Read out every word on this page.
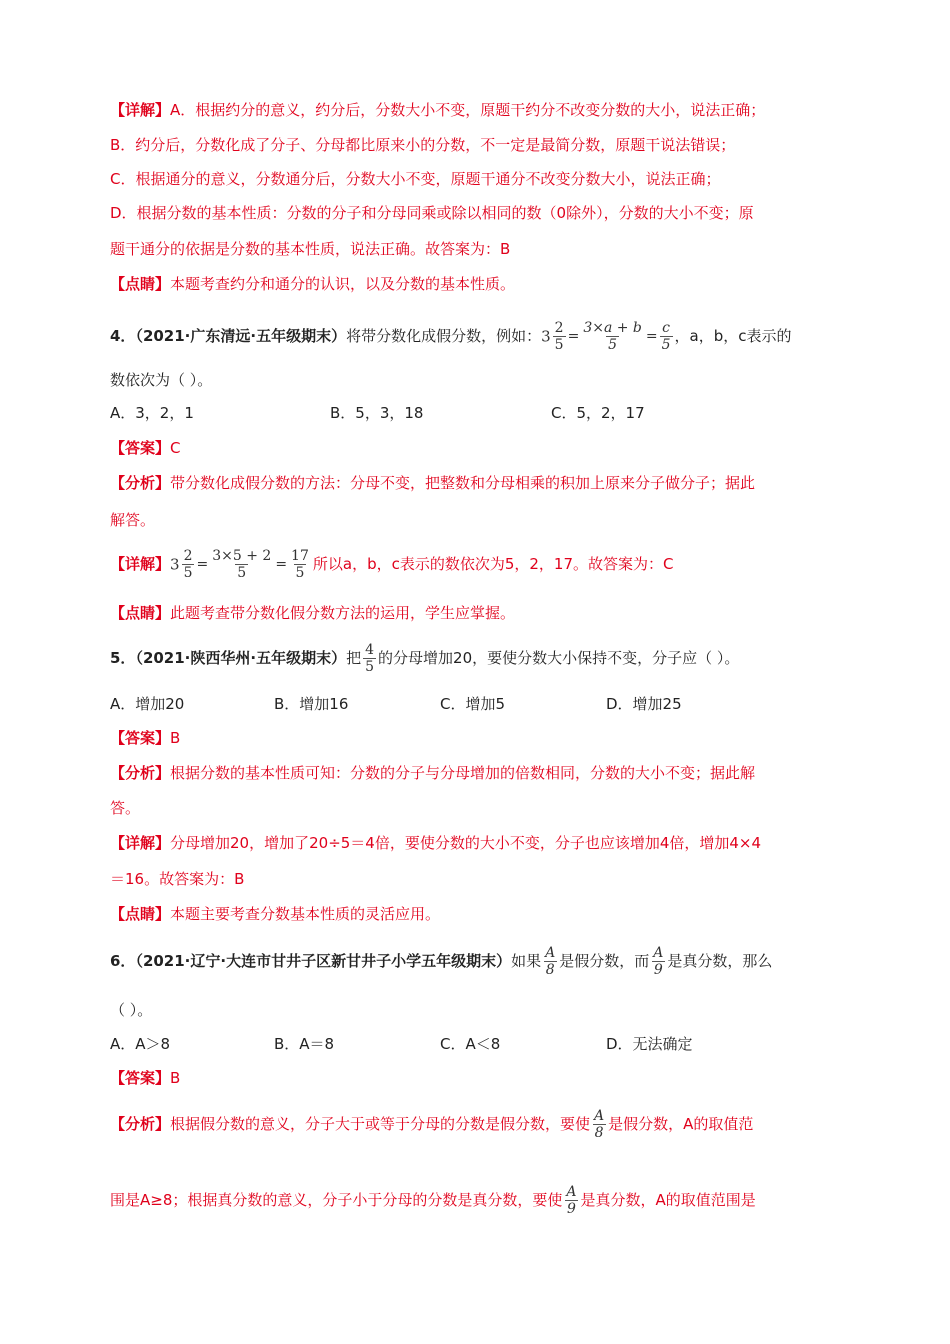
【详解】A．根据约分的意义，约分后，分数大小不变，原题干约分不改变分数的大小，说法正确；
B．约分后，分数化成了分子、分母都比原来小的分数，不一定是最简分数，原题干说法错误；
C．根据通分的意义，分数通分后，分数大小不变，原题干通分不改变分数大小，说法正确；
D．根据分数的基本性质：分数的分子和分母同乘或除以相同的数（0除外），分数的大小不变；原
题干通分的依据是分数的基本性质，说法正确。故答案为：B
【点睛】本题考查约分和通分的认识，以及分数的基本性质。
4．（2021·广东清远·五年级期末）将带分数化成假分数，例如：$3 \frac{2}{5} = \frac{3\times a + b}{5} = \frac{c}{5}$ ，a，b，c表示的
数依次为（ ）。
A．3，2，1	B．5，3，18	C．5，2，17
【答案】C
【分析】带分数化成假分数的方法：分母不变，把整数和分母相乘的积加上原来分子做分子；据此
解答。
【详解】$3 \frac{2}{5} = \frac{3\times 5 + 2}{5} = \frac{17}{5}$ 所以a，b，c表示的数依次为5，2，17。故答案为：C
【点睛】此题考查带分数化假分数方法的运用，学生应掌握。
5．（2021·陕西华州·五年级期末）把 $\frac{4}{5}$ 的分母增加20，要使分数大小保持不变，分子应（ ）。
A．增加20	B．增加16	C．增加5	D．增加25
【答案】B
【分析】根据分数的基本性质可知：分数的分子与分母增加的倍数相同，分数的大小不变；据此解
答。
【详解】分母增加20，增加了20÷5＝4倍，要使分数的大小不变，分子也应该增加4倍，增加4×4
＝16。故答案为：B
【点睛】本题主要考查分数基本性质的灵活应用。
6．（2021·辽宁·大连市甘井子区新甘井子小学五年级期末）如果 $\frac{A}{8}$ 是假分数，而 $\frac{A}{9}$ 是真分数，那么
（ ）。
A．A＞8	B．A＝8	C．A＜8	D．无法确定
【答案】B
【分析】根据假分数的意义，分子大于或等于分母的分数是假分数，要使 $\frac{A}{8}$ 是假分数，A的取值范
围是A≥8；根据真分数的意义，分子小于分母的分数是真分数，要使 $\frac{A}{9}$ 是真分数，A的取值范围是
